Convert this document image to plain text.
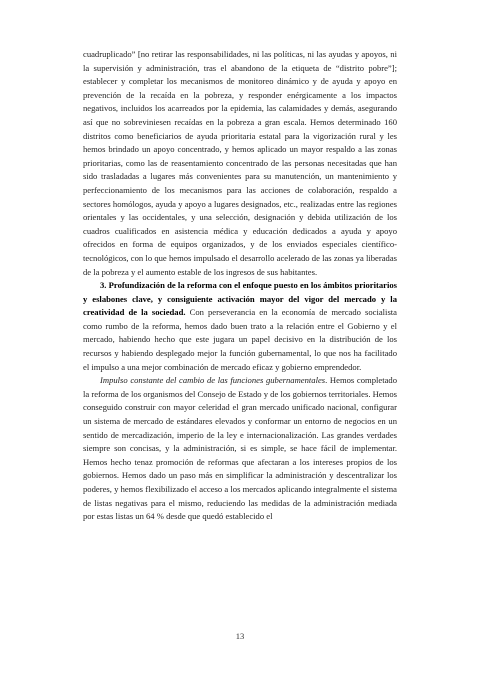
cuadruplicado” [no retirar las responsabilidades, ni las políticas, ni las ayudas y apoyos, ni la supervisión y administración, tras el abandono de la etiqueta de “distrito pobre”]; establecer y completar los mecanismos de monitoreo dinámico y de ayuda y apoyo en prevención de la recaída en la pobreza, y responder enérgicamente a los impactos negativos, incluidos los acarreados por la epidemia, las calamidades y demás, asegurando así que no sobreviniesen recaídas en la pobreza a gran escala. Hemos determinado 160 distritos como beneficiarios de ayuda prioritaria estatal para la vigorización rural y les hemos brindado un apoyo concentrado, y hemos aplicado un mayor respaldo a las zonas prioritarias, como las de reasentamiento concentrado de las personas necesitadas que han sido trasladadas a lugares más convenientes para su manutención, un mantenimiento y perfeccionamiento de los mecanismos para las acciones de colaboración, respaldo a sectores homólogos, ayuda y apoyo a lugares designados, etc., realizadas entre las regiones orientales y las occidentales, y una selección, designación y debida utilización de los cuadros cualificados en asistencia médica y educación dedicados a ayuda y apoyo ofrecidos en forma de equipos organizados, y de los enviados especiales científico-tecnológicos, con lo que hemos impulsado el desarrollo acelerado de las zonas ya liberadas de la pobreza y el aumento estable de los ingresos de sus habitantes.

3. Profundización de la reforma con el enfoque puesto en los ámbitos prioritarios y eslabones clave, y consiguiente activación mayor del vigor del mercado y la creatividad de la sociedad. Con perseverancia en la economía de mercado socialista como rumbo de la reforma, hemos dado buen trato a la relación entre el Gobierno y el mercado, habiendo hecho que este jugara un papel decisivo en la distribución de los recursos y habiendo desplegado mejor la función gubernamental, lo que nos ha facilitado el impulso a una mejor combinación de mercado eficaz y gobierno emprendedor.

Impulso constante del cambio de las funciones gubernamentales. Hemos completado la reforma de los organismos del Consejo de Estado y de los gobiernos territoriales. Hemos conseguido construir con mayor celeridad el gran mercado unificado nacional, configurar un sistema de mercado de estándares elevados y conformar un entorno de negocios en un sentido de mercadización, imperio de la ley e internacionalización. Las grandes verdades siempre son concisas, y la administración, si es simple, se hace fácil de implementar. Hemos hecho tenaz promoción de reformas que afectaran a los intereses propios de los gobiernos. Hemos dado un paso más en simplificar la administración y descentralizar los poderes, y hemos flexibilizado el acceso a los mercados aplicando integralmente el sistema de listas negativas para el mismo, reduciendo las medidas de la administración mediada por estas listas un 64 % desde que quedó establecido el

13
